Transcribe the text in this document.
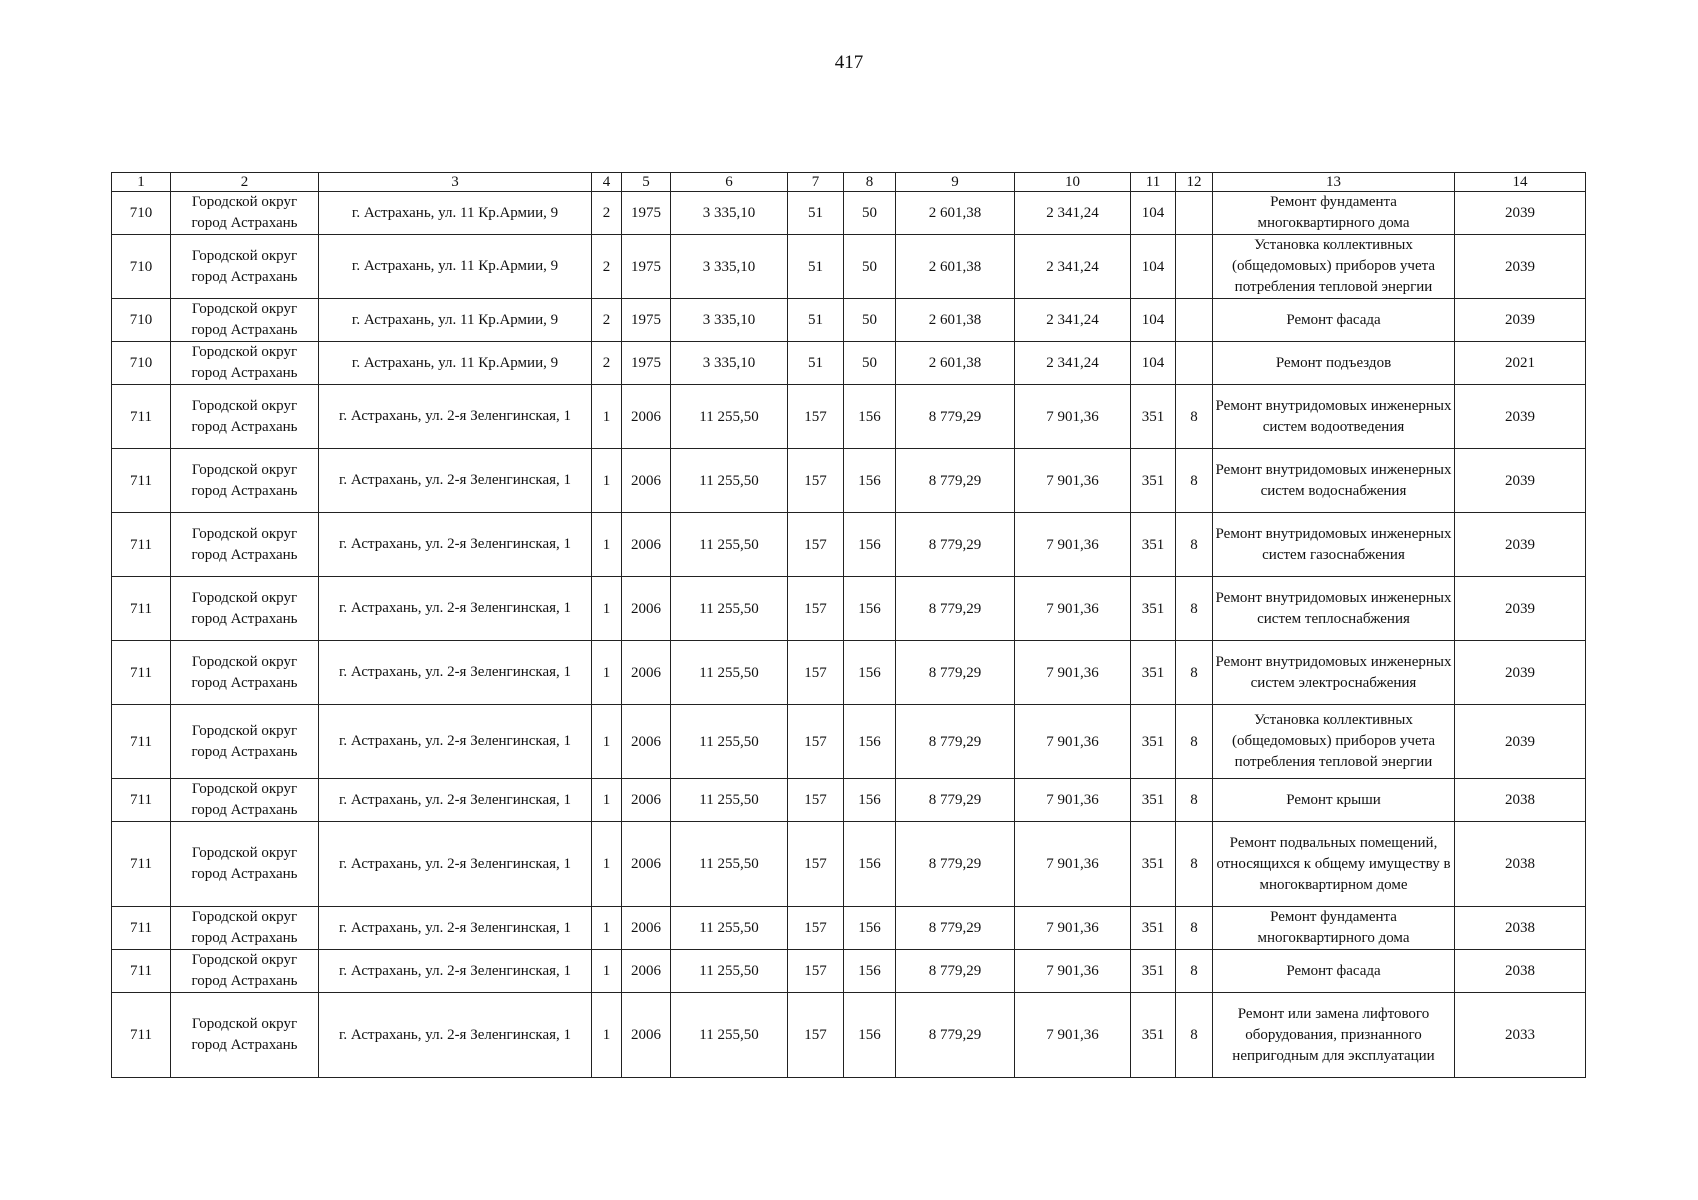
417
1	2	3	4	5	6	7	8	9	10	11	12	13	14
710	Городской округ город Астрахань	г. Астрахань, ул. 11 Кр.Армии, 9	2	1975	3 335,10	51	50	2 601,38	2 341,24	104		Ремонт фундамента многоквартирного дома	2039
710	Городской округ город Астрахань	г. Астрахань, ул. 11 Кр.Армии, 9	2	1975	3 335,10	51	50	2 601,38	2 341,24	104		Установка коллективных (общедомовых) приборов учета потребления тепловой энергии	2039
710	Городской округ город Астрахань	г. Астрахань, ул. 11 Кр.Армии, 9	2	1975	3 335,10	51	50	2 601,38	2 341,24	104		Ремонт фасада	2039
710	Городской округ город Астрахань	г. Астрахань, ул. 11 Кр.Армии, 9	2	1975	3 335,10	51	50	2 601,38	2 341,24	104		Ремонт подъездов	2021
711	Городской округ город Астрахань	г. Астрахань, ул. 2-я Зеленгинская, 1	1	2006	11 255,50	157	156	8 779,29	7 901,36	351	8	Ремонт внутридомовых инженерных систем водоотведения	2039
711	Городской округ город Астрахань	г. Астрахань, ул. 2-я Зеленгинская, 1	1	2006	11 255,50	157	156	8 779,29	7 901,36	351	8	Ремонт внутридомовых инженерных систем водоснабжения	2039
711	Городской округ город Астрахань	г. Астрахань, ул. 2-я Зеленгинская, 1	1	2006	11 255,50	157	156	8 779,29	7 901,36	351	8	Ремонт внутридомовых инженерных систем газоснабжения	2039
711	Городской округ город Астрахань	г. Астрахань, ул. 2-я Зеленгинская, 1	1	2006	11 255,50	157	156	8 779,29	7 901,36	351	8	Ремонт внутридомовых инженерных систем теплоснабжения	2039
711	Городской округ город Астрахань	г. Астрахань, ул. 2-я Зеленгинская, 1	1	2006	11 255,50	157	156	8 779,29	7 901,36	351	8	Ремонт внутридомовых инженерных систем электроснабжения	2039
711	Городской округ город Астрахань	г. Астрахань, ул. 2-я Зеленгинская, 1	1	2006	11 255,50	157	156	8 779,29	7 901,36	351	8	Установка коллективных (общедомовых) приборов учета потребления тепловой энергии	2039
711	Городской округ город Астрахань	г. Астрахань, ул. 2-я Зеленгинская, 1	1	2006	11 255,50	157	156	8 779,29	7 901,36	351	8	Ремонт крыши	2038
711	Городской округ город Астрахань	г. Астрахань, ул. 2-я Зеленгинская, 1	1	2006	11 255,50	157	156	8 779,29	7 901,36	351	8	Ремонт подвальных помещений, относящихся к общему имуществу в многоквартирном доме	2038
711	Городской округ город Астрахань	г. Астрахань, ул. 2-я Зеленгинская, 1	1	2006	11 255,50	157	156	8 779,29	7 901,36	351	8	Ремонт фундамента многоквартирного дома	2038
711	Городской округ город Астрахань	г. Астрахань, ул. 2-я Зеленгинская, 1	1	2006	11 255,50	157	156	8 779,29	7 901,36	351	8	Ремонт фасада	2038
711	Городской округ город Астрахань	г. Астрахань, ул. 2-я Зеленгинская, 1	1	2006	11 255,50	157	156	8 779,29	7 901,36	351	8	Ремонт или замена лифтового оборудования, признанного непригодным для эксплуатации	2033
